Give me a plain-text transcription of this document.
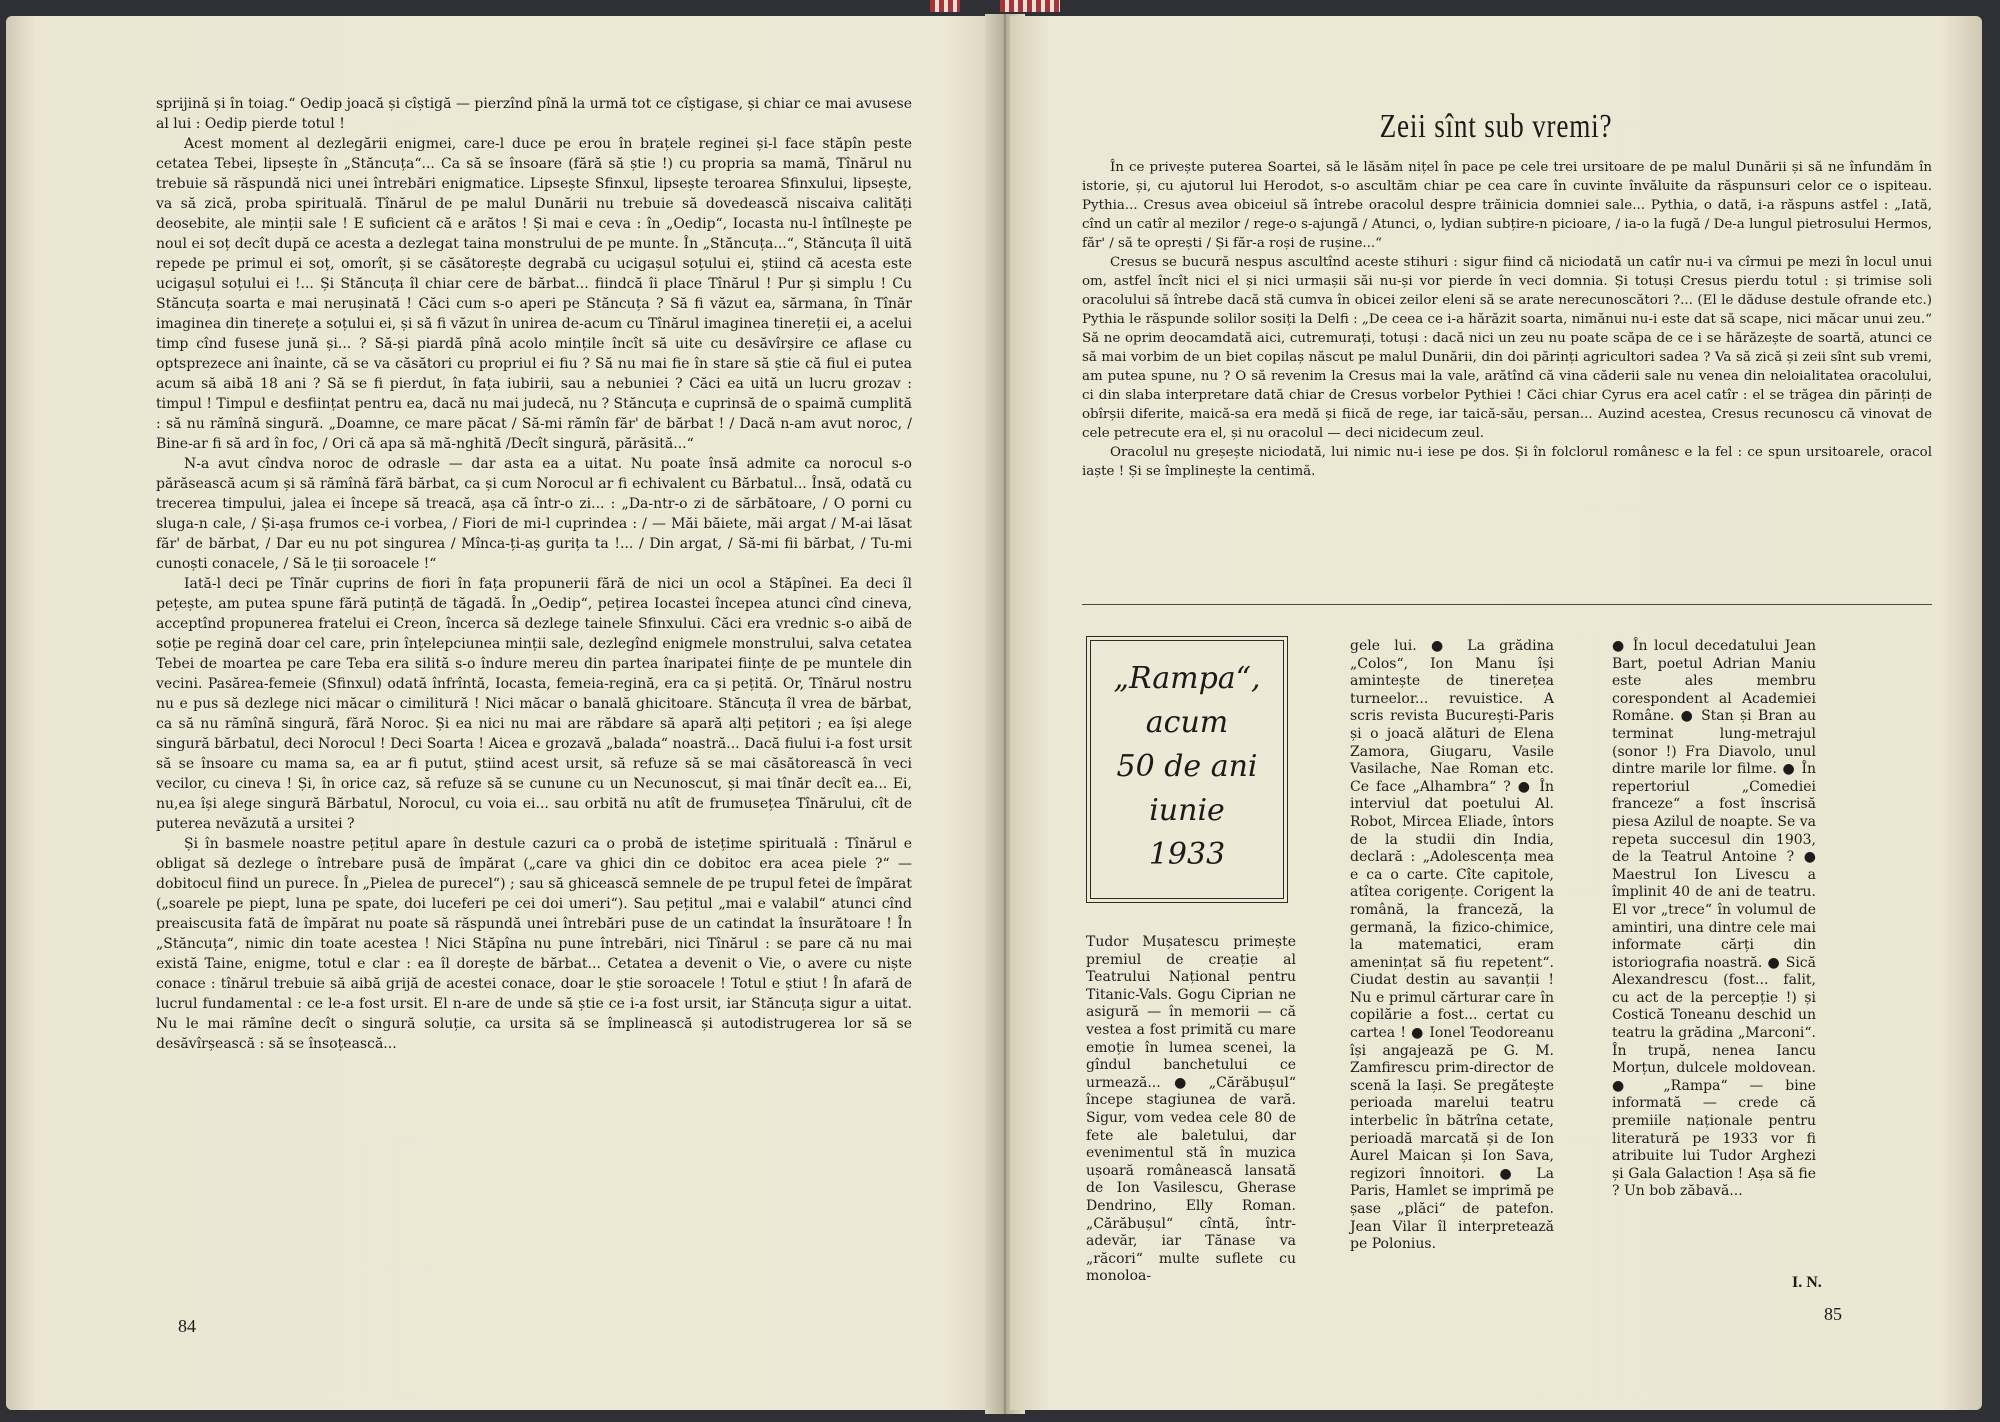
sprijină și în toiag.“ Oedip joacă și cîștigă — pierzînd pînă la urmă tot ce cîștigase, și chiar ce mai avusese al lui : Oedip pierde totul !

Acest moment al dezlegării enigmei, care-l duce pe erou în brațele reginei și-l face stăpîn peste cetatea Tebei, lipsește în „Stăncuța“... Ca să se însoare (fără să știe !) cu propria sa mamă, Tînărul nu trebuie să răspundă nici unei întrebări enigmatice. Lipsește Sfinxul, lipsește teroarea Sfinxului, lipsește, va să zică, proba spirituală. Tînărul de pe malul Dunării nu trebuie să dovedească niscaiva calități deosebite, ale minții sale ! E suficient că e arătos ! Și mai e ceva : în „Oedip“, Iocasta nu-l întîlnește pe noul ei soț decît după ce acesta a dezlegat taina monstrului de pe munte. În „Stăncuța...“, Stăncuța îl uită repede pe primul ei soț, omorît, și se căsătorește degrabă cu ucigașul soțului ei, știind că acesta este ucigașul soțului ei !... Și Stăncuța îl chiar cere de bărbat... fiindcă îi place Tînărul ! Pur și simplu ! Cu Stăncuța soarta e mai nerușinată ! Căci cum s-o aperi pe Stăncuța ? Să fi văzut ea, sărmana, în Tînăr imaginea din tinerețe a soțului ei, și să fi văzut în unirea de-acum cu Tînărul imaginea tinereții ei, a acelui timp cînd fusese jună și... ? Să-și piardă pînă acolo mințile încît să uite cu desăvîrșire ce aflase cu optsprezece ani înainte, că se va căsători cu propriul ei fiu ? Să nu mai fie în stare să știe că fiul ei putea acum să aibă 18 ani ? Să se fi pierdut, în fața iubirii, sau a nebuniei ? Căci ea uită un lucru grozav : timpul ! Timpul e desființat pentru ea, dacă nu mai judecă, nu ? Stăncuța e cuprinsă de o spaimă cumplită : să nu rămînă singură. „Doamne, ce mare păcat / Să-mi rămîn făr' de bărbat ! / Dacă n-am avut noroc, / Bine-ar fi să ard în foc, / Ori că apa să mă-nghită /Decît singură, părăsită...“

N-a avut cîndva noroc de odrasle — dar asta ea a uitat. Nu poate însă admite ca norocul s-o părăsească acum și să rămînă fără bărbat, ca și cum Norocul ar fi echivalent cu Bărbatul... Însă, odată cu trecerea timpului, jalea ei începe să treacă, așa că într-o zi... : „Da-ntr-o zi de sărbătoare, / O porni cu sluga-n cale, / Și-așa frumos ce-i vorbea, / Fiori de mi-l cuprindea : / — Măi băiete, măi argat / M-ai lăsat făr' de bărbat, / Dar eu nu pot singurea / Mînca-ți-aș gurița ta !... / Din argat, / Să-mi fii bărbat, / Tu-mi cunoști conacele, / Să le ții soroacele !“

Iată-l deci pe Tînăr cuprins de fiori în fața propunerii fără de nici un ocol a Stăpînei. Ea deci îl pețește, am putea spune fără putință de tăgadă. În „Oedip“, pețirea Iocastei începea atunci cînd cineva, acceptînd propunerea fratelui ei Creon, încerca să dezlege tainele Sfinxului. Căci era vrednic s-o aibă de soție pe regină doar cel care, prin înțelepciunea minții sale, dezlegînd enigmele monstrului, salva cetatea Tebei de moartea pe care Teba era silită s-o îndure mereu din partea înaripatei ființe de pe muntele din vecini. Pasărea-femeie (Sfinxul) odată înfrîntă, Iocasta, femeia-regină, era ca și pețită. Or, Tînărul nostru nu e pus să dezlege nici măcar o cimilitură ! Nici măcar o banală ghicitoare. Stăncuța îl vrea de bărbat, ca să nu rămînă singură, fără Noroc. Și ea nici nu mai are răbdare să apară alți pețitori ; ea își alege singură bărbatul, deci Norocul ! Deci Soarta ! Aicea e grozavă „balada“ noastră... Dacă fiului i-a fost ursit să se însoare cu mama sa, ea ar fi putut, știind acest ursit, să refuze să se mai căsătorească în veci vecilor, cu cineva ! Și, în orice caz, să refuze să se cunune cu un Necunoscut, și mai tînăr decît ea... Ei, nu,ea își alege singură Bărbatul, Norocul, cu voia ei... sau orbită nu atît de frumusețea Tînărului, cît de puterea nevăzută a ursitei ?

Și în basmele noastre pețitul apare în destule cazuri ca o probă de istețime spirituală : Tînărul e obligat să dezlege o întrebare pusă de împărat („care va ghici din ce dobitoc era acea piele ?“ — dobitocul fiind un purece. În „Pielea de purecel“) ; sau să ghicească semnele de pe trupul fetei de împărat („soarele pe piept, luna pe spate, doi luceferi pe cei doi umeri“). Sau pețitul „mai e valabil“ atunci cînd preaiscusita fată de împărat nu poate să răspundă unei întrebări puse de un catindat la însurătoare ! În „Stăncuța“, nimic din toate acestea ! Nici Stăpîna nu pune întrebări, nici Tînărul : se pare că nu mai există Taine, enigme, totul e clar : ea îl dorește de bărbat... Cetatea a devenit o Vie, o avere cu niște conace : tînărul trebuie să aibă grijă de acestei conace, doar le știe soroacele ! Totul e știut ! În afară de lucrul fundamental : ce le-a fost ursit. El n-are de unde să știe ce i-a fost ursit, iar Stăncuța sigur a uitat. Nu le mai rămîne decît o singură soluție, ca ursita să se împlinească și autodistrugerea lor să se desăvîrșească : să se însoțească...

84
Zeii sînt sub vremi?

În ce privește puterea Soartei, să le lăsăm nițel în pace pe cele trei ursitoare de pe malul Dunării și să ne înfundăm în istorie, și, cu ajutorul lui Herodot, s-o ascultăm chiar pe cea care în cuvinte învăluite da răspunsuri celor ce o ispiteau. Pythia... Cresus avea obiceiul să întrebe oracolul despre trăinicia domniei sale... Pythia, o dată, i-a răspuns astfel : „Iată, cînd un catîr al mezilor / rege-o s-ajungă / Atunci, o, lydian subțire-n picioare, / ia-o la fugă / De-a lungul pietrosului Hermos, făr' / să te oprești / Și făr-a roși de rușine...“

Cresus se bucură nespus ascultînd aceste stihuri : sigur fiind că niciodată un catîr nu-i va cîrmui pe mezi în locul unui om, astfel încît nici el și nici urmașii săi nu-și vor pierde în veci domnia. Și totuși Cresus pierdu totul : și trimise soli oracolului să întrebe dacă stă cumva în obicei zeilor eleni să se arate nerecunoscători ?... (El le dăduse destule ofrande etc.) Pythia le răspunde solilor sosiți la Delfi : „De ceea ce i-a hărăzit soarta, nimănui nu-i este dat să scape, nici măcar unui zeu.“ Să ne oprim deocamdată aici, cutremurați, totuși : dacă nici un zeu nu poate scăpa de ce i se hărăzește de soartă, atunci ce să mai vorbim de un biet copilaș născut pe malul Dunării, din doi părinți agricultori sadea ? Va să zică și zeii sînt sub vremi, am putea spune, nu ? O să revenim la Cresus mai la vale, arătînd că vina căderii sale nu venea din neloialitatea oracolului, ci din slaba interpretare dată chiar de Cresus vorbelor Pythiei ! Căci chiar Cyrus era acel catîr : el se trăgea din părinți de obîrșii diferite, maică-sa era medă și fiică de rege, iar taică-său, persan... Auzind acestea, Cresus recunoscu că vinovat de cele petrecute era el, și nu oracolul — deci nicidecum zeul.

Oracolul nu greșește niciodată, lui nimic nu-i iese pe dos. Și în folclorul românesc e la fel : ce spun ursitoarele, oracol iaște ! Și se împlinește la centimă.

„Rampa“,
acum
50 de ani
iunie
1933
Tudor Mușatescu primește premiul de creație al Teatrului Național pentru Titanic-Vals. Gogu Ciprian ne asigură — în memorii — că vestea a fost primită cu mare emoție în lumea scenei, la gîndul banchetului ce urmează... ● „Cărăbușul“ începe stagiunea de vară. Sigur, vom vedea cele 80 de fete ale baletului, dar evenimentul stă în muzica ușoară românească lansată de Ion Vasilescu, Gherase Dendrino, Elly Roman. „Cărăbușul“ cîntă, într-adevăr, iar Tănase va „răcori“ multe suflete cu monoloa-
gele lui. ● La grădina „Colos“, Ion Manu își amintește de tinerețea turneelor... revuistice. A scris revista București-Paris și o joacă alături de Elena Zamora, Giugaru, Vasile Vasilache, Nae Roman etc. Ce face „Alhambra“ ? ● În interviul dat poetului Al. Robot, Mircea Eliade, întors de la studii din India, declară : „Adolescența mea e ca o carte. Cîte capitole, atîtea corigențe. Corigent la română, la franceză, la germană, la fizico-chimice, la matematici, eram amenințat să fiu repetent“. Ciudat destin au savanții ! Nu e primul cărturar care în copilărie a fost... certat cu cartea ! ● Ionel Teodoreanu își angajează pe G. M. Zamfirescu prim-director de scenă la Iași. Se pregătește perioada marelui teatru interbelic în bătrîna cetate, perioadă marcată și de Ion Aurel Maican și Ion Sava, regizori înnoitori. ● La Paris, Hamlet se imprimă pe șase „plăci“ de patefon. Jean Vilar îl interpretează pe Polonius.
● În locul decedatului Jean Bart, poetul Adrian Maniu este ales membru corespondent al Academiei Române. ● Stan și Bran au terminat lung-metrajul (sonor !) Fra Diavolo, unul dintre marile lor filme. ● În repertoriul „Comediei franceze“ a fost înscrisă piesa Azilul de noapte. Se va repeta succesul din 1903, de la Teatrul Antoine ? ● Maestrul Ion Livescu a împlinit 40 de ani de teatru. El vor „trece“ în volumul de amintiri, una dintre cele mai informate cărți din istoriografia noastră. ● Sică Alexandrescu (fost... falit, cu act de la percepție !) și Costică Toneanu deschid un teatru la grădina „Marconi“. În trupă, nenea Iancu Morțun, dulcele moldovean. ● „Rampa“ — bine informată — crede că premiile naționale pentru literatură pe 1933 vor fi atribuite lui Tudor Arghezi și Gala Galaction ! Așa să fie ? Un bob zăbavă...
I. N.
85
